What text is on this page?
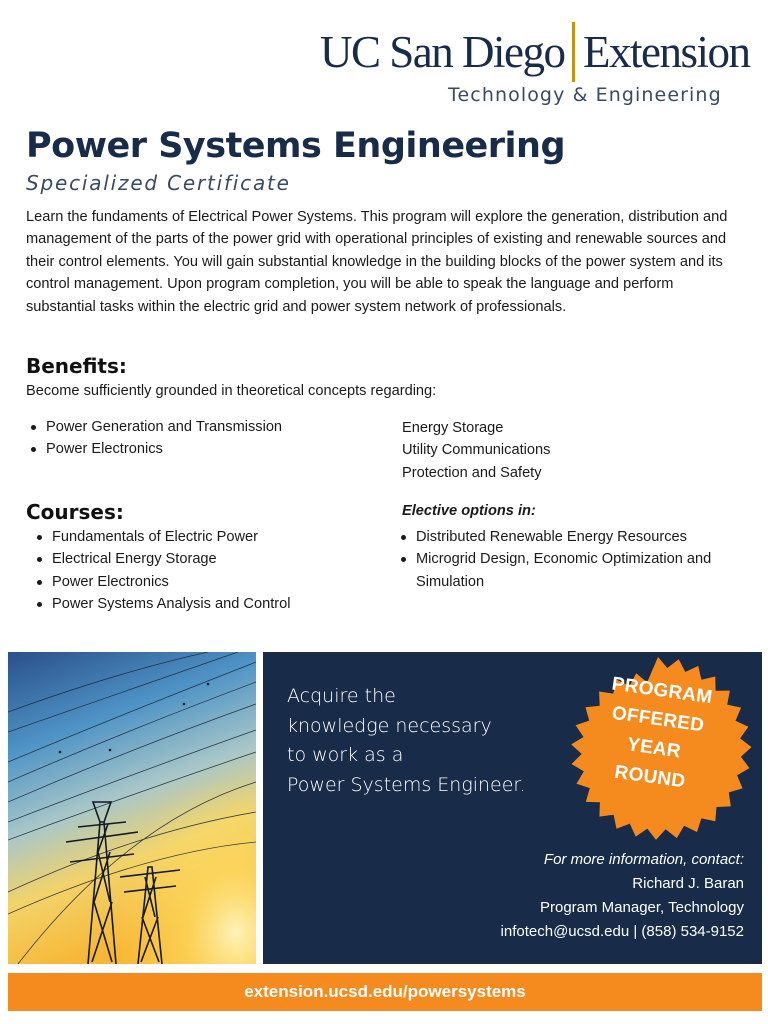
UC San Diego Extension
Technology & Engineering
Power Systems Engineering
Specialized Certificate

Learn the fundaments of Electrical Power Systems. This program will explore the generation, distribution and management of the parts of the power grid with operational principles of existing and renewable sources and their control elements. You will gain substantial knowledge in the building blocks of the power system and its control management. Upon program completion, you will be able to speak the language and perform substantial tasks within the electric grid and power system network of professionals.

Benefits:
Become sufficiently grounded in theoretical concepts regarding:
Power Generation and Transmission
Power Electronics
Energy Storage
Utility Communications
Protection and Safety
Courses:
Fundamentals of Electric Power
Electrical Energy Storage
Power Electronics
Power Systems Analysis and Control
Elective options in:
Distributed Renewable Energy Resources
Microgrid Design, Economic Optimization and Simulation
Acquire the
knowledge necessary
to work as a
Power Systems Engineer.
PROGRAM
OFFERED
YEAR
ROUND
For more information, contact:
Richard J. Baran
Program Manager, Technology
infotech@ucsd.edu | (858) 534-9152
extension.ucsd.edu/powersystems
